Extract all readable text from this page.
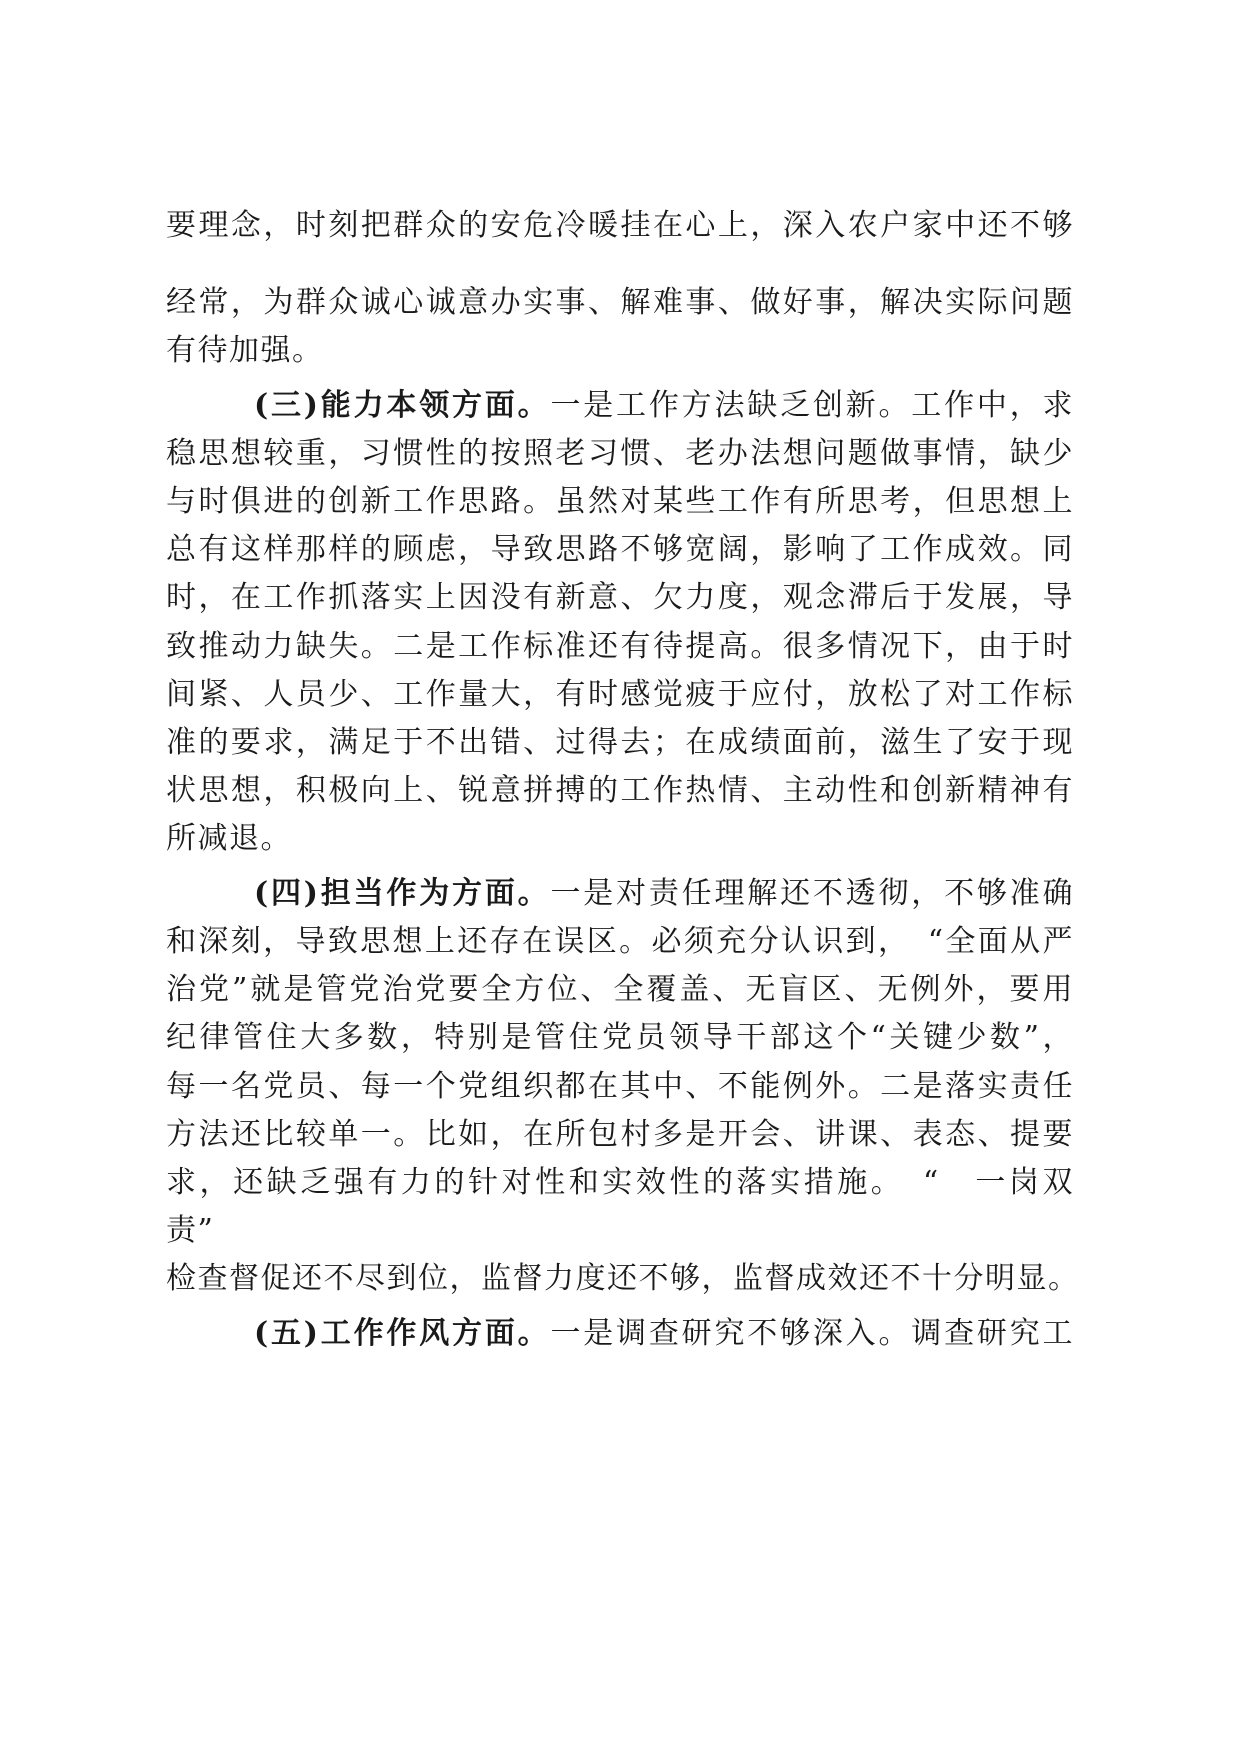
要理念，时刻把群众的安危冷暖挂在心上，深入农户家中还不够
经常，为群众诚心诚意办实事、解难事、做好事，解决实际问题
有待加强。
(三)能力本领方面。一是工作方法缺乏创新。工作中，求
稳思想较重，习惯性的按照老习惯、老办法想问题做事情，缺少
与时俱进的创新工作思路。虽然对某些工作有所思考，但思想上
总有这样那样的顾虑，导致思路不够宽阔，影响了工作成效。同
时，在工作抓落实上因没有新意、欠力度，观念滞后于发展，导
致推动力缺失。二是工作标准还有待提高。很多情况下，由于时
间紧、人员少、工作量大，有时感觉疲于应付，放松了对工作标
准的要求，满足于不出错、过得去；在成绩面前，滋生了安于现
状思想，积极向上、锐意拼搏的工作热情、主动性和创新精神有
所减退。
(四)担当作为方面。一是对责任理解还不透彻，不够准确
和深刻，导致思想上还存在误区。必须充分认识到，　“全面从严
治党”就是管党治党要全方位、全覆盖、无盲区、无例外，要用
纪律管住大多数，特别是管住党员领导干部这个“关键少数”，
每一名党员、每一个党组织都在其中、不能例外。二是落实责任
方法还比较单一。比如，在所包村多是开会、讲课、表态、提要
求，还缺乏强有力的针对性和实效性的落实措施。　“　一岗双
责”
检查督促还不尽到位，监督力度还不够，监督成效还不十分明显。
(五)工作作风方面。一是调查研究不够深入。调查研究工
